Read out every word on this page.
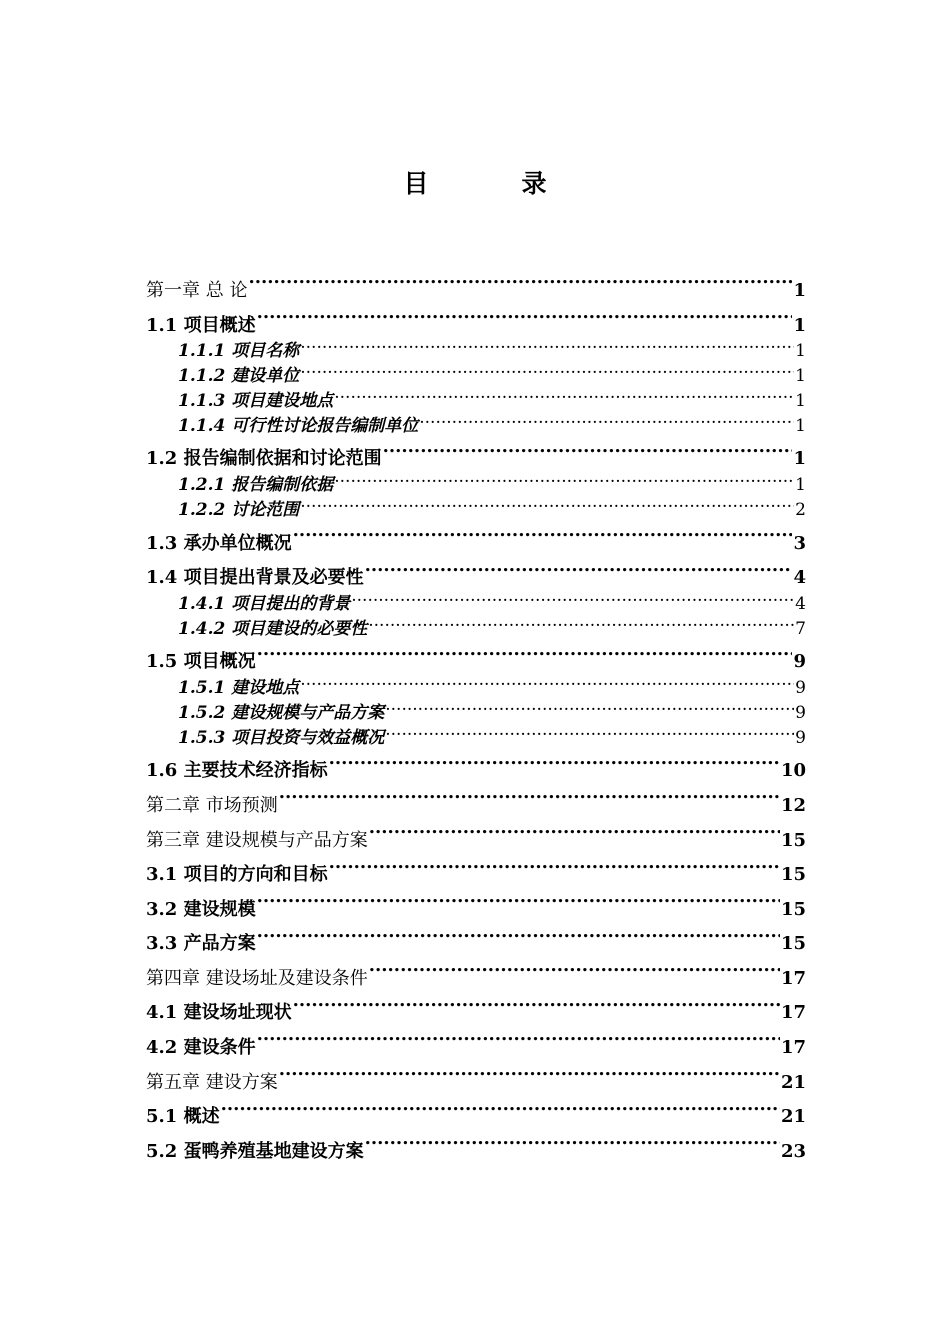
目　录
第一章 总 论 .....	1
1.1 项目概述 .....	1
1.1.1 项目名称 .....	1
1.1.2 建设单位 .....	1
1.1.3 项目建设地点 .....	1
1.1.4 可行性讨论报告编制单位 .....	1
1.2 报告编制依据和讨论范围 .....	1
1.2.1 报告编制依据 .....	1
1.2.2 讨论范围 .....	2
1.3 承办单位概况 .....	3
1.4 项目提出背景及必要性 .....	4
1.4.1 项目提出的背景 .....	4
1.4.2 项目建设的必要性 .....	7
1.5 项目概况 .....	9
1.5.1 建设地点 .....	9
1.5.2 建设规模与产品方案 .....	9
1.5.3 项目投资与效益概况 .....	9
1.6 主要技术经济指标 .....	10
第二章 市场预测 .....	12
第三章 建设规模与产品方案 .....	15
3.1 项目的方向和目标 .....	15
3.2 建设规模 .....	15
3.3 产品方案 .....	15
第四章 建设场址及建设条件 .....	17
4.1 建设场址现状 .....	17
4.2 建设条件 .....	17
第五章 建设方案 .....	21
5.1 概述 .....	21
5.2 蛋鸭养殖基地建设方案 .....	23
